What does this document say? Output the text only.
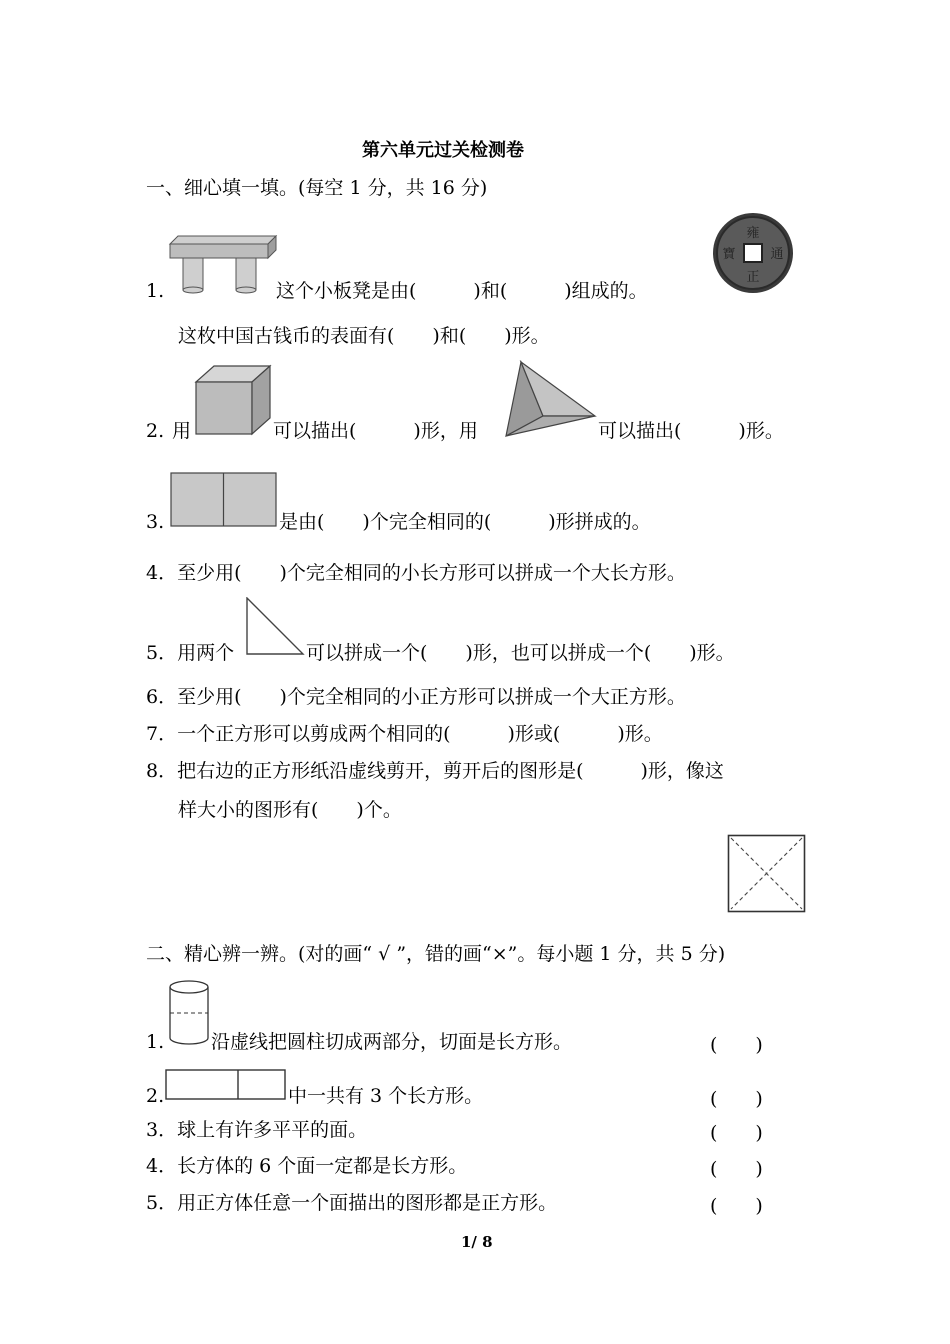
第六单元过关检测卷
一、细心填一填。(每空 1 分，共 16 分)
1.	这个小板凳是由(　　　)和(　　　)组成的。
雍
正
通
寶
这枚中国古钱币的表面有(　　)和(　　)形。
2. 用	可以描出(　　　)形，用	可以描出(　　　)形。
3.	是由(　　)个完全相同的(　　　)形拼成的。
4．至少用(　　)个完全相同的小长方形可以拼成一个大长方形。
5．用两个	可以拼成一个(　　)形，也可以拼成一个(　　)形。
6．至少用(　　)个完全相同的小正方形可以拼成一个大正方形。
7．一个正方形可以剪成两个相同的(　　　)形或(　　　)形。
8．把右边的正方形纸沿虚线剪开，剪开后的图形是(　　　)形，像这
样大小的图形有(　　)个。
二、精心辨一辨。(对的画“ √ ”，错的画“×”。每小题 1 分，共 5 分)
1. 沿虚线把圆柱切成两部分，切面是长方形。	(　　)
2.	中一共有 3 个长方形。	(　　)
3．球上有许多平平的面。	(　　)
4．长方体的 6 个面一定都是长方形。	(　　)
5．用正方体任意一个面描出的图形都是正方形。	(　　)
1/ 8
